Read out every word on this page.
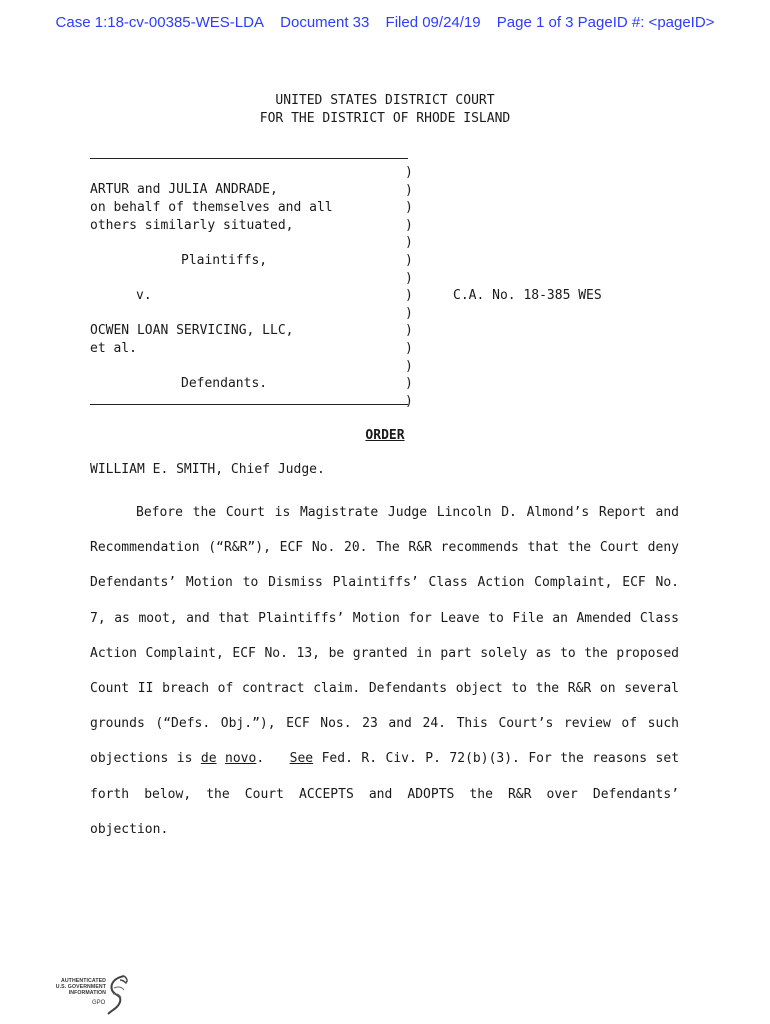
Case 1:18-cv-00385-WES-LDA Document 33 Filed 09/24/19 Page 1 of 3 PageID #: <pageID>
UNITED STATES DISTRICT COURT
FOR THE DISTRICT OF RHODE ISLAND
)
)
)
)
)
)
)
)
)
)
)
)
)
)
ARTUR and JULIA ANDRADE,
on behalf of themselves and all
others similarly situated,
Plaintiffs,
v.	C.A. No. 18-385 WES
OCWEN LOAN SERVICING, LLC,
et al.
Defendants.
ORDER
WILLIAM E. SMITH, Chief Judge.

Before the Court is Magistrate Judge Lincoln D. Almond’s Report and Recommendation (“R&R”), ECF No. 20. The R&R recommends that the Court deny Defendants’ Motion to Dismiss Plaintiffs’ Class Action Complaint, ECF No. 7, as moot, and that Plaintiffs’ Motion for Leave to File an Amended Class Action Complaint, ECF No. 13, be granted in part solely as to the proposed Count II breach of contract claim. Defendants object to the R&R on several grounds (“Defs. Obj.”), ECF Nos. 23 and 24. This Court’s review of such objections is de novo. See Fed. R. Civ. P. 72(b)(3). For the reasons set forth below, the Court ACCEPTS and ADOPTS the R&R over Defendants’ objection.

AUTHENTICATED
U.S. GOVERNMENT
INFORMATION
GPO
